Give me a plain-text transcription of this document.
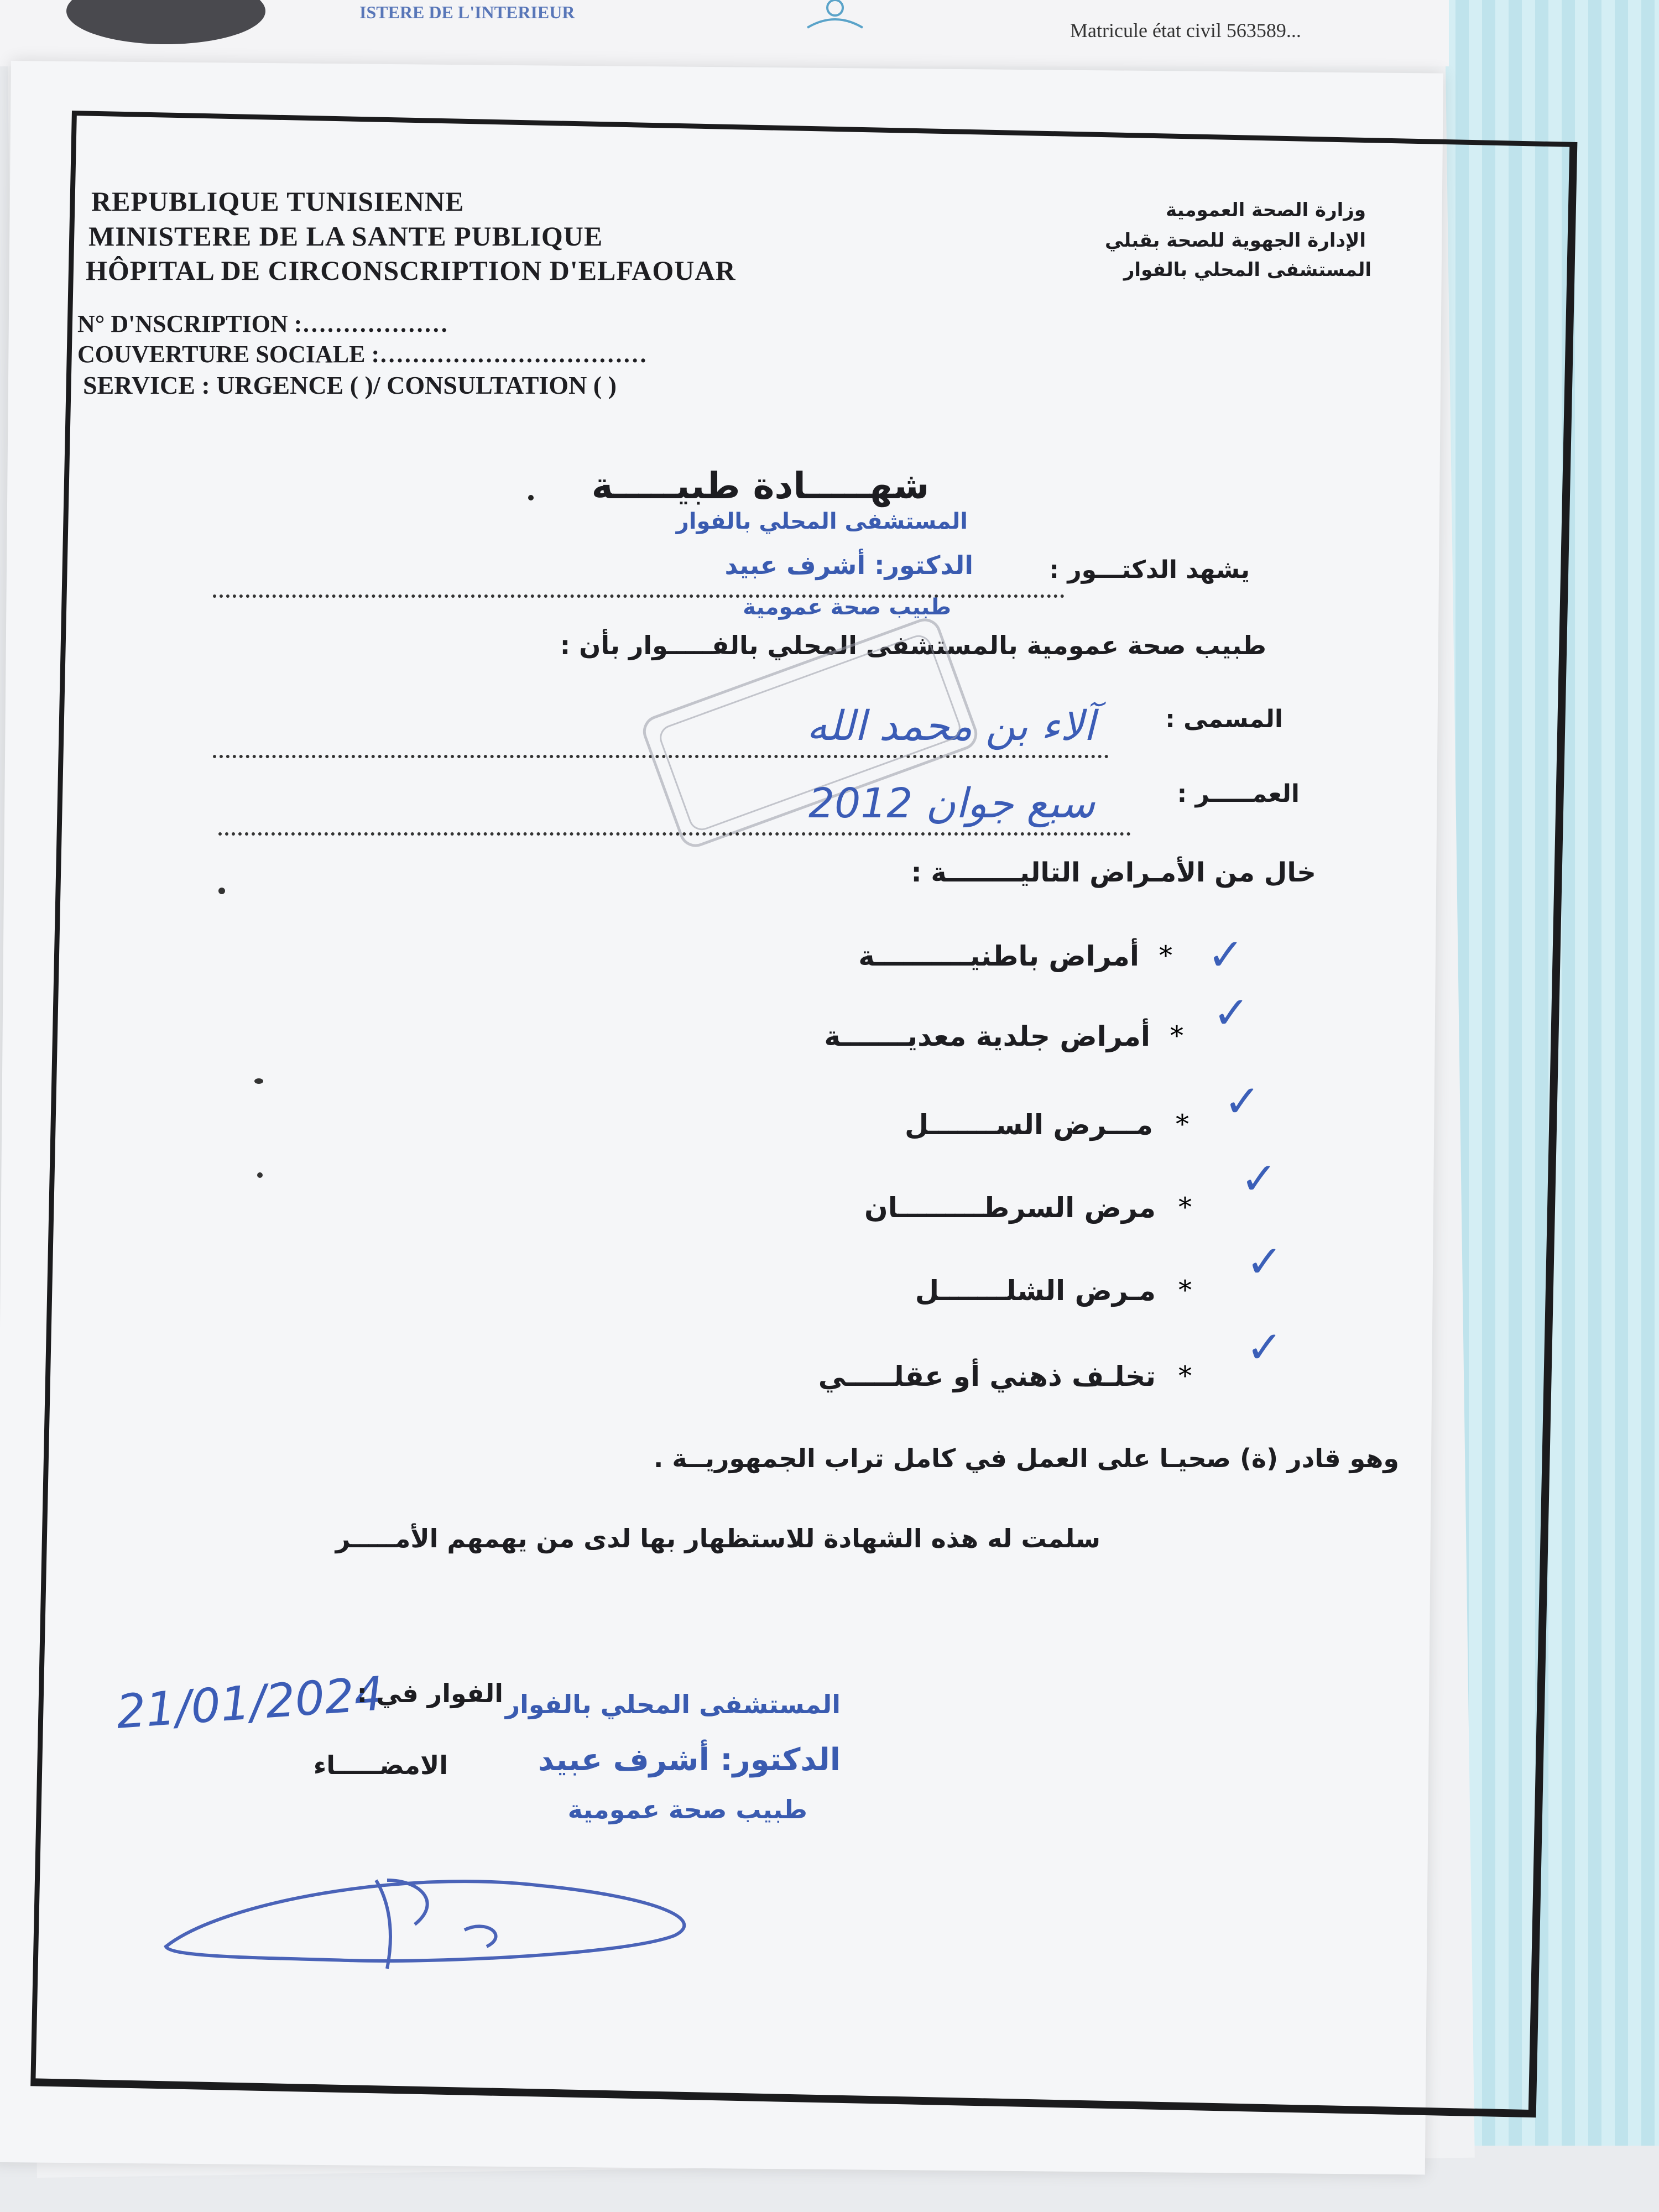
ISTERE DE L'INTERIEUR
Matricule état civil 563589...
REPUBLIQUE TUNISIENNE
MINISTERE DE LA SANTE PUBLIQUE
HÔPITAL DE CIRCONSCRIPTION D'ELFAOUAR
وزارة الصحة العمومية
الإدارة الجهوية للصحة بقبلي
المستشفى المحلي بالفوار
N° D'NSCRIPTION :………………
COUVERTURE SOCIALE :……………………………
SERVICE : URGENCE ( )/ CONSULTATION ( )
شهـــــادة طبيـــــة
يشهد الدكتـــور :
المستشفى المحلي بالفوار
الدكتور: أشرف عبيد
طبيب صحة عمومية
طبيب صحة عمومية بالمستشفى المحلي بالفـــــوار بأن :
المسمى :
آلاء بن محمد الله
العمـــــر :
سبع جوان 2012
خال من الأمـراض التاليــــــــة :
أمراض باطنيــــــــــة * ✓
أمراض جلدية معديـــــــة * ✓
مـــرض الســـــــل * ✓
مرض السرطـــــــــان *
✓
مـرض الشلـــــــل *
✓
تخلـف ذهني أو عقلـــــي *
✓
وهو قادر (ة) صحيـا على العمل في كامل تراب الجمهوريــة .
سلمت له هذه الشهادة للاستظهار بها لدى من يهمهم الأمـــــر
21/01/2024
الفوار في :
الامضـــــاء
المستشفى المحلي بالفوار
الدكتور: أشرف عبيد
طبيب صحة عمومية
